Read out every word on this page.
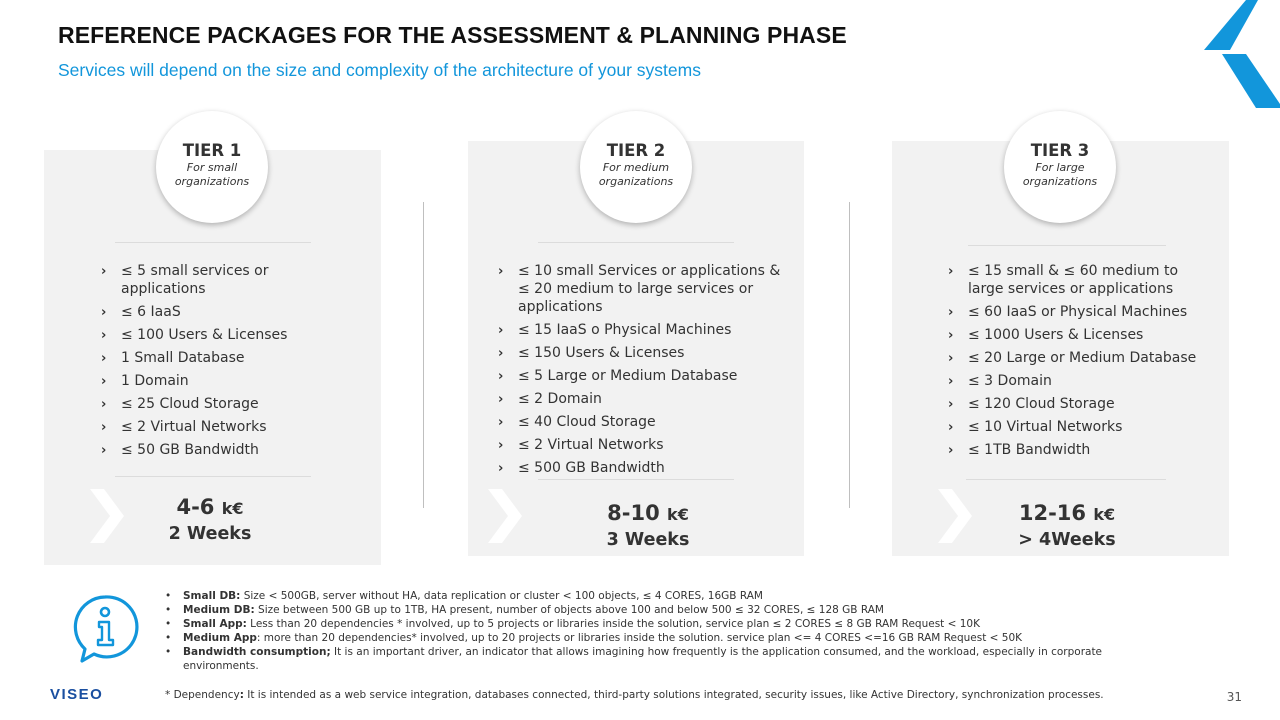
REFERENCE PACKAGES FOR THE ASSESSMENT & PLANNING PHASE
Services will depend on the size and complexity of the architecture of your systems
TIER 1
For small
organizations
› ≤ 5 small services or applications
› ≤ 6 IaaS
› ≤ 100 Users & Licenses
› 1 Small Database
› 1 Domain
› ≤ 25 Cloud Storage
› ≤ 2 Virtual Networks
› ≤ 50 GB Bandwidth
4-6 k€
2 Weeks
TIER 2
For medium
organizations
› ≤ 10 small Services or applications & ≤ 20 medium to large services or applications
› ≤ 15 IaaS o Physical Machines
› ≤ 150 Users & Licenses
› ≤ 5 Large or Medium Database
› ≤ 2 Domain
› ≤ 40 Cloud Storage
› ≤ 2 Virtual Networks
› ≤ 500 GB Bandwidth
8-10 k€
3 Weeks
TIER 3
For large
organizations
› ≤ 15 small & ≤ 60 medium to large services or applications
› ≤ 60 IaaS or Physical Machines
› ≤ 1000 Users & Licenses
› ≤ 20 Large or Medium Database
› ≤ 3 Domain
› ≤ 120 Cloud Storage
› ≤ 10 Virtual Networks
› ≤ 1TB Bandwidth
12-16 k€
> 4Weeks
• Small DB: Size < 500GB, server without HA, data replication or cluster < 100 objects, ≤ 4 CORES, 16GB RAM
• Medium DB: Size between 500 GB up to 1TB, HA present, number of objects above 100 and below 500 ≤ 32 CORES, ≤ 128 GB RAM
• Small App: Less than 20 dependencies * involved, up to 5 projects or libraries inside the solution, service plan ≤ 2 CORES ≤ 8 GB RAM Request < 10K
• Medium App: more than 20 dependencies* involved, up to 20 projects or libraries inside the solution. service plan <= 4 CORES <=16 GB RAM Request < 50K
• Bandwidth consumption; It is an important driver, an indicator that allows imagining how frequently is the application consumed, and the workload, especially in corporate environments.
* Dependency: It is intended as a web service integration, databases connected, third-party solutions integrated, security issues, like Active Directory, synchronization processes.
VISEO	31
